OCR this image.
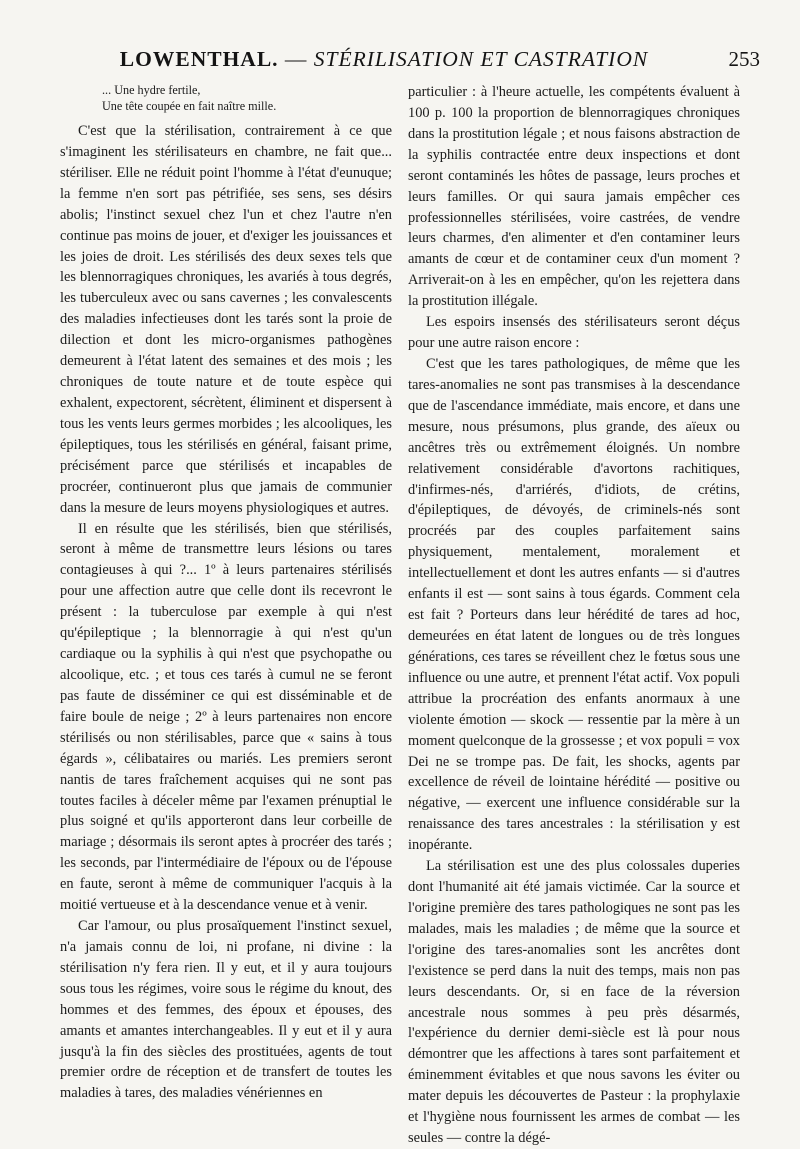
LOWENTHAL. — STÉRILISATION ET CASTRATION	253
... Une hydre fertile,
Une tête coupée en fait naître mille.

C'est que la stérilisation, contrairement à ce que s'imaginent les stérilisateurs en chambre, ne fait que... stériliser. Elle ne réduit point l'homme à l'état d'eunuque; la femme n'en sort pas pétrifiée, ses sens, ses désirs abolis; l'instinct sexuel chez l'un et chez l'autre n'en continue pas moins de jouer, et d'exiger les jouissances et les joies de droit. Les stérilisés des deux sexes tels que les blennorragiques chroniques, les avariés à tous degrés, les tuberculeux avec ou sans cavernes ; les convalescents des maladies infectieuses dont les tarés sont la proie de dilection et dont les micro-organismes pathogènes demeurent à l'état latent des semaines et des mois ; les chroniques de toute nature et de toute espèce qui exhalent, expectorent, sécrètent, éliminent et dispersent à tous les vents leurs germes morbides ; les alcooliques, les épileptiques, tous les stérilisés en général, faisant prime, précisément parce que stérilisés et incapables de procréer, continueront plus que jamais de communier dans la mesure de leurs moyens physiologiques et autres.

Il en résulte que les stérilisés, bien que stérilisés, seront à même de transmettre leurs lésions ou tares contagieuses à qui ?... 1º à leurs partenaires stérilisés pour une affection autre que celle dont ils recevront le présent : la tuberculose par exemple à qui n'est qu'épileptique ; la blennorragie à qui n'est qu'un cardiaque ou la syphilis à qui n'est que psychopathe ou alcoolique, etc. ; et tous ces tarés à cumul ne se feront pas faute de disséminer ce qui est disséminable et de faire boule de neige ; 2º à leurs partenaires non encore stérilisés ou non stérilisables, parce que « sains à tous égards », célibataires ou mariés. Les premiers seront nantis de tares fraîchement acquises qui ne sont pas toutes faciles à déceler même par l'examen prénuptial le plus soigné et qu'ils apporteront dans leur corbeille de mariage ; désormais ils seront aptes à procréer des tarés ; les seconds, par l'intermédiaire de l'époux ou de l'épouse en faute, seront à même de communiquer l'acquis à la moitié vertueuse et à la descendance venue et à venir.

Car l'amour, ou plus prosaïquement l'instinct sexuel, n'a jamais connu de loi, ni profane, ni divine : la stérilisation n'y fera rien. Il y eut, et il y aura toujours sous tous les régimes, voire sous le régime du knout, des hommes et des femmes, des époux et épouses, des amants et amantes interchangeables. Il y eut et il y aura jusqu'à la fin des siècles des prostituées, agents de tout premier ordre de réception et de transfert de toutes les maladies à tares, des maladies vénériennes en

particulier : à l'heure actuelle, les compétents évaluent à 100 p. 100 la proportion de blennorragiques chroniques dans la prostitution légale ; et nous faisons abstraction de la syphilis contractée entre deux inspections et dont seront contaminés les hôtes de passage, leurs proches et leurs familles. Or qui saura jamais empêcher ces professionnelles stérilisées, voire castrées, de vendre leurs charmes, d'en alimenter et d'en contaminer leurs amants de cœur et de contaminer ceux d'un moment ? Arriverait-on à les en empêcher, qu'on les rejettera dans la prostitution illégale.

Les espoirs insensés des stérilisateurs seront déçus pour une autre raison encore :

C'est que les tares pathologiques, de même que les tares-anomalies ne sont pas transmises à la descendance que de l'ascendance immédiate, mais encore, et dans une mesure, nous présumons, plus grande, des aïeux ou ancêtres très ou extrêmement éloignés. Un nombre relativement considérable d'avortons rachitiques, d'infirmes-nés, d'arriérés, d'idiots, de crétins, d'épileptiques, de dévoyés, de criminels-nés sont procréés par des couples parfaitement sains physiquement, mentalement, moralement et intellectuellement et dont les autres enfants — si d'autres enfants il est — sont sains à tous égards. Comment cela est fait ? Porteurs dans leur hérédité de tares ad hoc, demeurées en état latent de longues ou de très longues générations, ces tares se réveillent chez le fœtus sous une influence ou une autre, et prennent l'état actif. Vox populi attribue la procréation des enfants anormaux à une violente émotion — skock — ressentie par la mère à un moment quelconque de la grossesse ; et vox populi = vox Dei ne se trompe pas. De fait, les shocks, agents par excellence de réveil de lointaine hérédité — positive ou négative, — exercent une influence considérable sur la renaissance des tares ancestrales : la stérilisation y est inopérante.

La stérilisation est une des plus colossales duperies dont l'humanité ait été jamais victimée. Car la source et l'origine première des tares pathologiques ne sont pas les malades, mais les maladies ; de même que la source et l'origine des tares-anomalies sont les ancrêtes dont l'existence se perd dans la nuit des temps, mais non pas leurs descendants. Or, si en face de la réversion ancestrale nous sommes à peu près désarmés, l'expérience du dernier demi-siècle est là pour nous démontrer que les affections à tares sont parfaitement et éminemment évitables et que nous savons les éviter ou mater depuis les découvertes de Pasteur : la prophylaxie et l'hygiène nous fournissent les armes de combat — les seules — contre la dégé-
